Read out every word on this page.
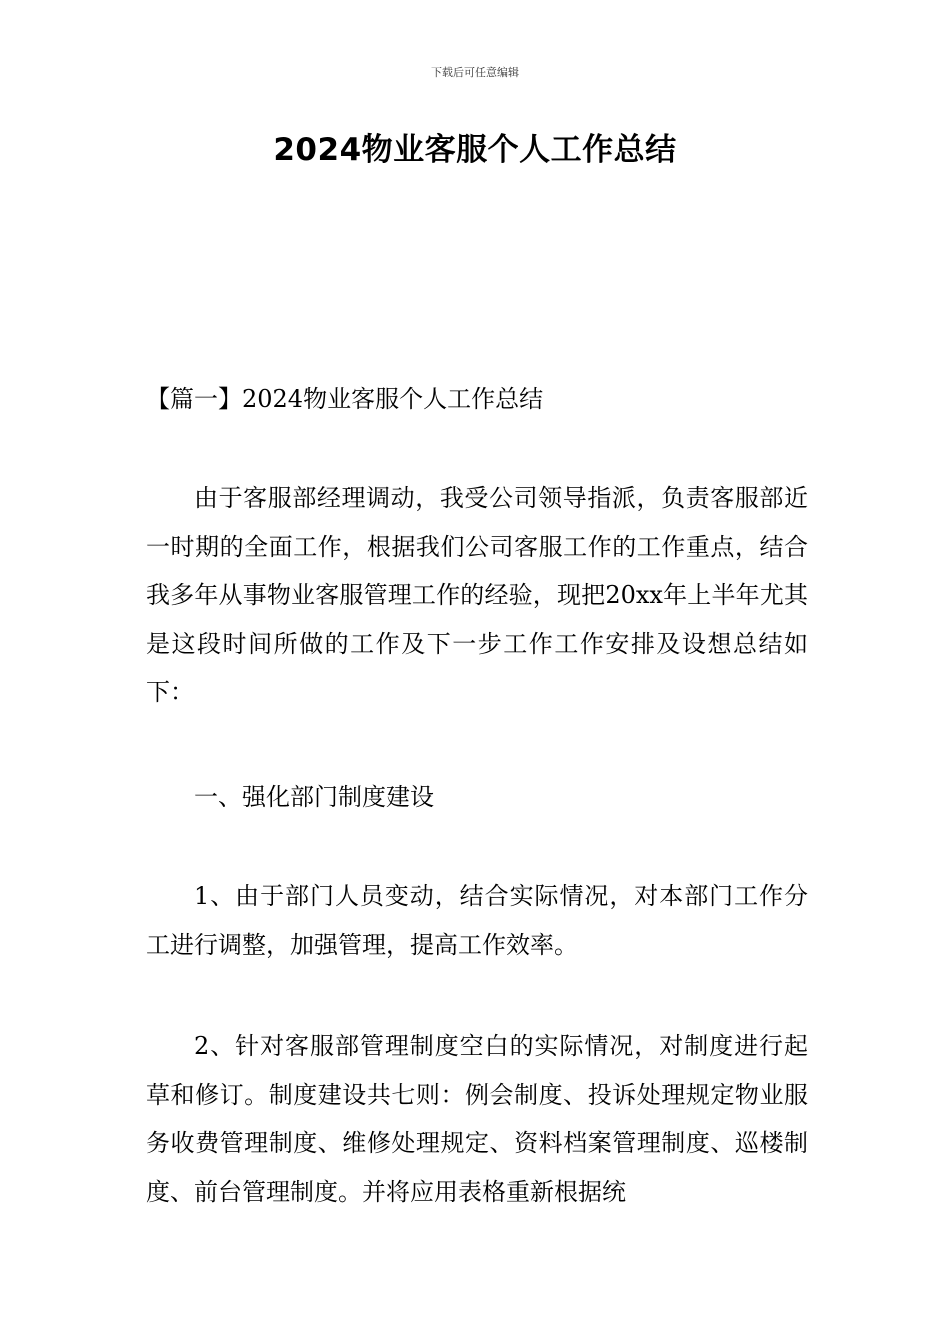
下载后可任意编辑
2024物业客服个人工作总结
【篇一】2024物业客服个人工作总结
由于客服部经理调动，我受公司领导指派，负责客服部近一时期的全面工作，根据我们公司客服工作的工作重点，结合我多年从事物业客服管理工作的经验，现把20xx年上半年尤其是这段时间所做的工作及下一步工作工作安排及设想总结如下：
一、强化部门制度建设
1、由于部门人员变动，结合实际情况，对本部门工作分工进行调整，加强管理，提高工作效率。
2、针对客服部管理制度空白的实际情况，对制度进行起草和修订。制度建设共七则：例会制度、投诉处理规定物业服务收费管理制度、维修处理规定、资料档案管理制度、巡楼制度、前台管理制度。并将应用表格重新根据统
